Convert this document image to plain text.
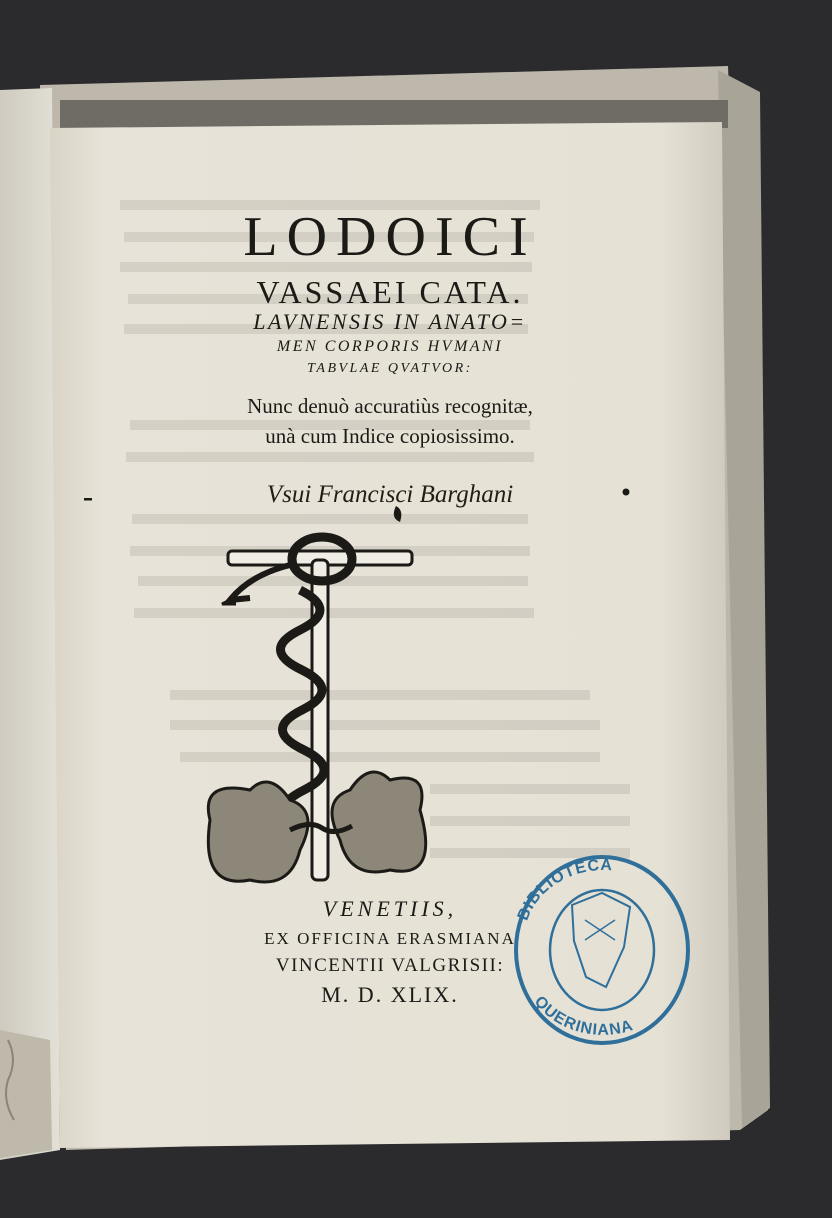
BIBLIOTECA
QUERINIANA
LODOICI
VASSAEI CATA.
LAVNENSIS IN ANATO=
MEN CORPORIS HVMANI
TABVLAE QVATVOR:
Nunc denuò accuratiùs recognitæ,
unà cum Indice copiosissimo.
Vsui Francisci Barghani
VENETIIS,
EX OFFICINA ERASMIANA
VINCENTII VALGRISII:
M. D. XLIX.
